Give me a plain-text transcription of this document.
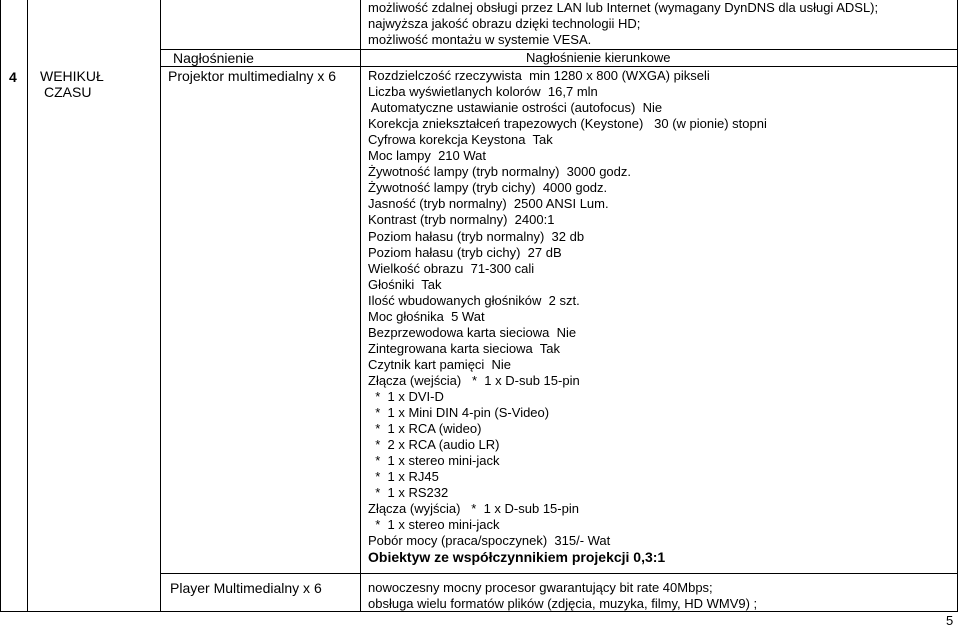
4 WEHIKUŁ
CZASU
możliwość zdalnej obsługi przez LAN lub Internet (wymagany DynDNS dla usługi ADSL);
najwyższa jakość obrazu dzięki technologii HD;
możliwość montażu w systemie VESA.
Nagłośnienie	Nagłośnienie kierunkowe
Projektor multimedialny x 6 Rozdzielczość rzeczywista  min 1280 x 800 (WXGA) pikseli
Liczba wyświetlanych kolorów  16,7 mln
Automatyczne ustawianie ostrości (autofocus)  Nie
Korekcja zniekształceń trapezowych (Keystone)   30 (w pionie) stopni
Cyfrowa korekcja Keystona  Tak
Moc lampy  210 Wat
Żywotność lampy (tryb normalny)  3000 godz.
Żywotność lampy (tryb cichy)  4000 godz.
Jasność (tryb normalny)  2500 ANSI Lum.
Kontrast (tryb normalny)  2400:1
Poziom hałasu (tryb normalny)  32 db
Poziom hałasu (tryb cichy)  27 dB
Wielkość obrazu  71-300 cali
Głośniki  Tak
Ilość wbudowanych głośników  2 szt.
Moc głośnika  5 Wat
Bezprzewodowa karta sieciowa  Nie
Zintegrowana karta sieciowa  Tak
Czytnik kart pamięci  Nie
Złącza (wejścia)   *  1 x D-sub 15-pin
*  1 x DVI-D
*  1 x Mini DIN 4-pin (S-Video)
*  1 x RCA (wideo)
*  2 x RCA (audio LR)
*  1 x stereo mini-jack
*  1 x RJ45
*  1 x RS232
Złącza (wyjścia)   *  1 x D-sub 15-pin
*  1 x stereo mini-jack
Pobór mocy (praca/spoczynek)  315/- Wat
Obiektyw ze współczynnikiem projekcji 0,3:1
Player Multimedialny x 6	nowoczesny mocny procesor gwarantujący bit rate 40Mbps;
obsługa wielu formatów plików (zdjęcia, muzyka, filmy, HD WMV9) ;
5
